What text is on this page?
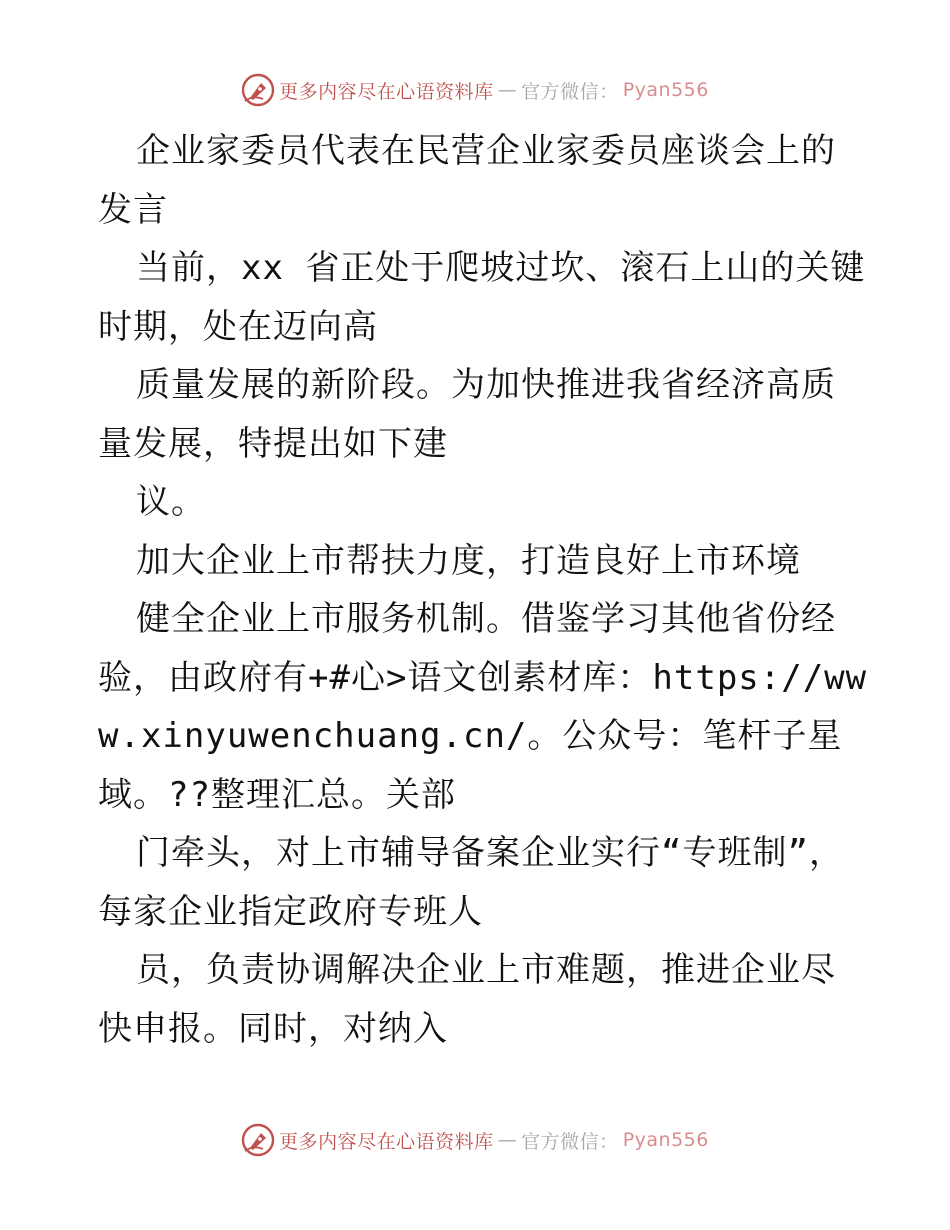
更多内容尽在心语资料库 — 官方微信： Pyan556

企业家委员代表在民营企业家委员座谈会上的发言

当前，xx 省正处于爬坡过坎、滚石上山的关键时期，处在迈向高

质量发展的新阶段。为加快推进我省经济高质量发展，特提出如下建

议。

加大企业上市帮扶力度，打造良好上市环境

健全企业上市服务机制。借鉴学习其他省份经验，由政府有+#心>语文创素材库：https://www.xinyuwenchuang.cn/。公众号：笔杆子星域。??整理汇总。关部

门牵头，对上市辅导备案企业实行“专班制”，每家企业指定政府专班人

员，负责协调解决企业上市难题，推进企业尽快申报。同时，对纳入

更多内容尽在心语资料库 — 官方微信： Pyan556
